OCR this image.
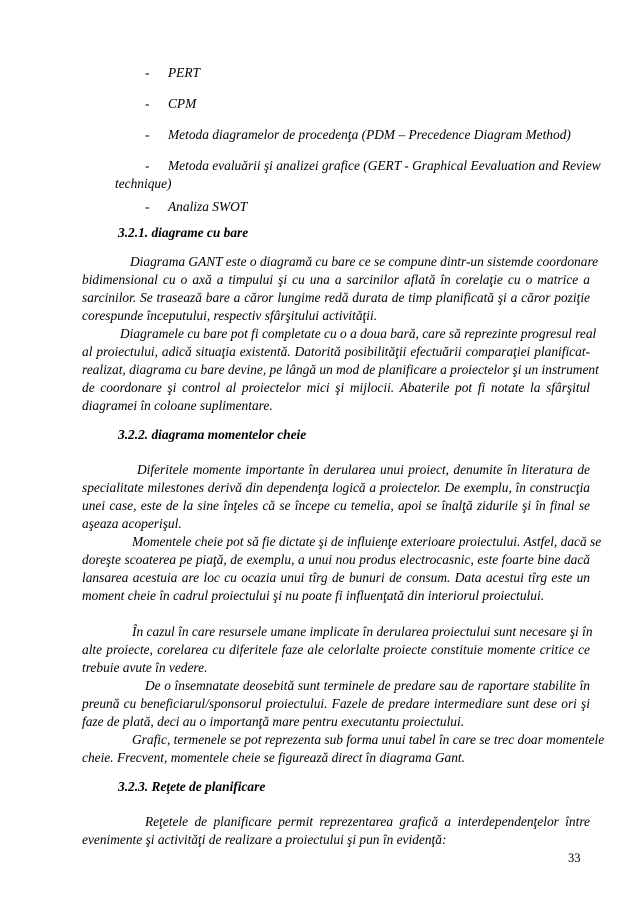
- PERT
- CPM
- Metoda diagramelor de procedenţa (PDM – Precedence Diagram Method)
- Metoda evaluării şi analizei grafice (GERT - Graphical Eevaluation and Review
technique)
- Analiza SWOT
3.2.1. diagrame cu bare
Diagrama GANT este o diagramă cu bare ce se compune dintr-un sistemde coordonare
bidimensional cu o axă a timpului şi cu una a sarcinilor aflată în corelaţie cu o matrice a
sarcinilor. Se trasează bare a căror lungime redă durata de timp planificată şi a căror poziţie
corespunde începutului, respectiv sfârşitului activităţii.
Diagramele cu bare pot fi completate cu o a doua bară, care să reprezinte progresul real
al proiectului, adică situaţia existentă. Datorită posibilităţii efectuării comparaţiei planificat-
realizat, diagrama cu bare devine, pe lângă un mod de planificare a proiectelor şi un instrument
de coordonare şi control al proiectelor mici şi mijlocii. Abaterile pot fi notate la sfârşitul
diagramei în coloane suplimentare.
3.2.2. diagrama momentelor cheie
Diferitele momente importante în derularea unui proiect, denumite în literatura de
specialitate milestones derivă din dependenţa logică a proiectelor. De exemplu, în construcţia
unei case, este de la sine înţeles că se începe cu temelia, apoi se înalţă zidurile şi în final se
aşeaza acoperişul.
Momentele cheie pot să fie dictate şi de influienţe exterioare proiectului. Astfel, dacă se
doreşte scoaterea pe piaţă, de exemplu, a unui nou produs electrocasnic, este foarte bine dacă
lansarea acestuia are loc cu ocazia unui tîrg de bunuri de consum. Data acestui tîrg este un
moment cheie în cadrul proiectului şi nu poate fi influenţată din interiorul proiectului.
În cazul în care resursele umane implicate în derularea proiectului sunt necesare şi în
alte proiecte, corelarea cu diferitele faze ale celorlalte proiecte constituie momente critice ce
trebuie avute în vedere.
De o însemnatate deosebită sunt terminele de predare sau de raportare stabilite în
preună cu beneficiarul/sponsorul proiectului. Fazele de predare intermediare sunt dese ori şi
faze de plată, deci au o importanţă mare pentru executantu proiectului.
Grafic, termenele se pot reprezenta sub forma unui tabel în care se trec doar momentele
cheie. Frecvent, momentele cheie se figurează direct în diagrama Gant.
3.2.3. Reţete de planificare
Reţetele de planificare permit reprezentarea grafică a interdependenţelor între
evenimente şi activităţi de realizare a proiectului şi pun în evidenţă:
33
